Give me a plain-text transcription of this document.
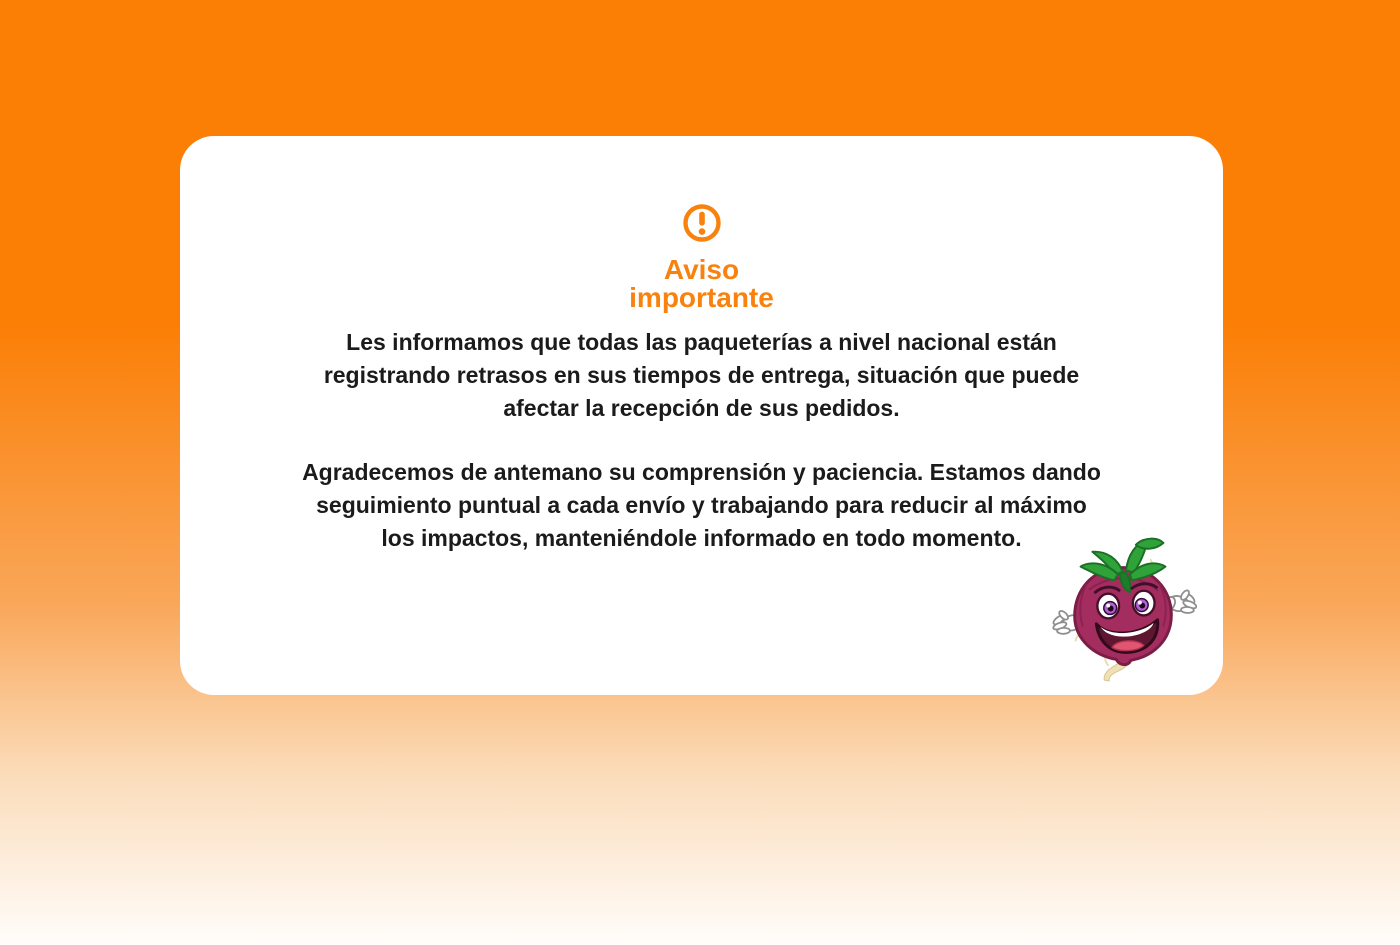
Aviso
importante
Les informamos que todas las paqueterías a nivel nacional están
registrando retrasos en sus tiempos de entrega, situación que puede
afectar la recepción de sus pedidos.
Agradecemos de antemano su comprensión y paciencia. Estamos dando
seguimiento puntual a cada envío y trabajando para reducir al máximo
los impactos, manteniéndole informado en todo momento.
